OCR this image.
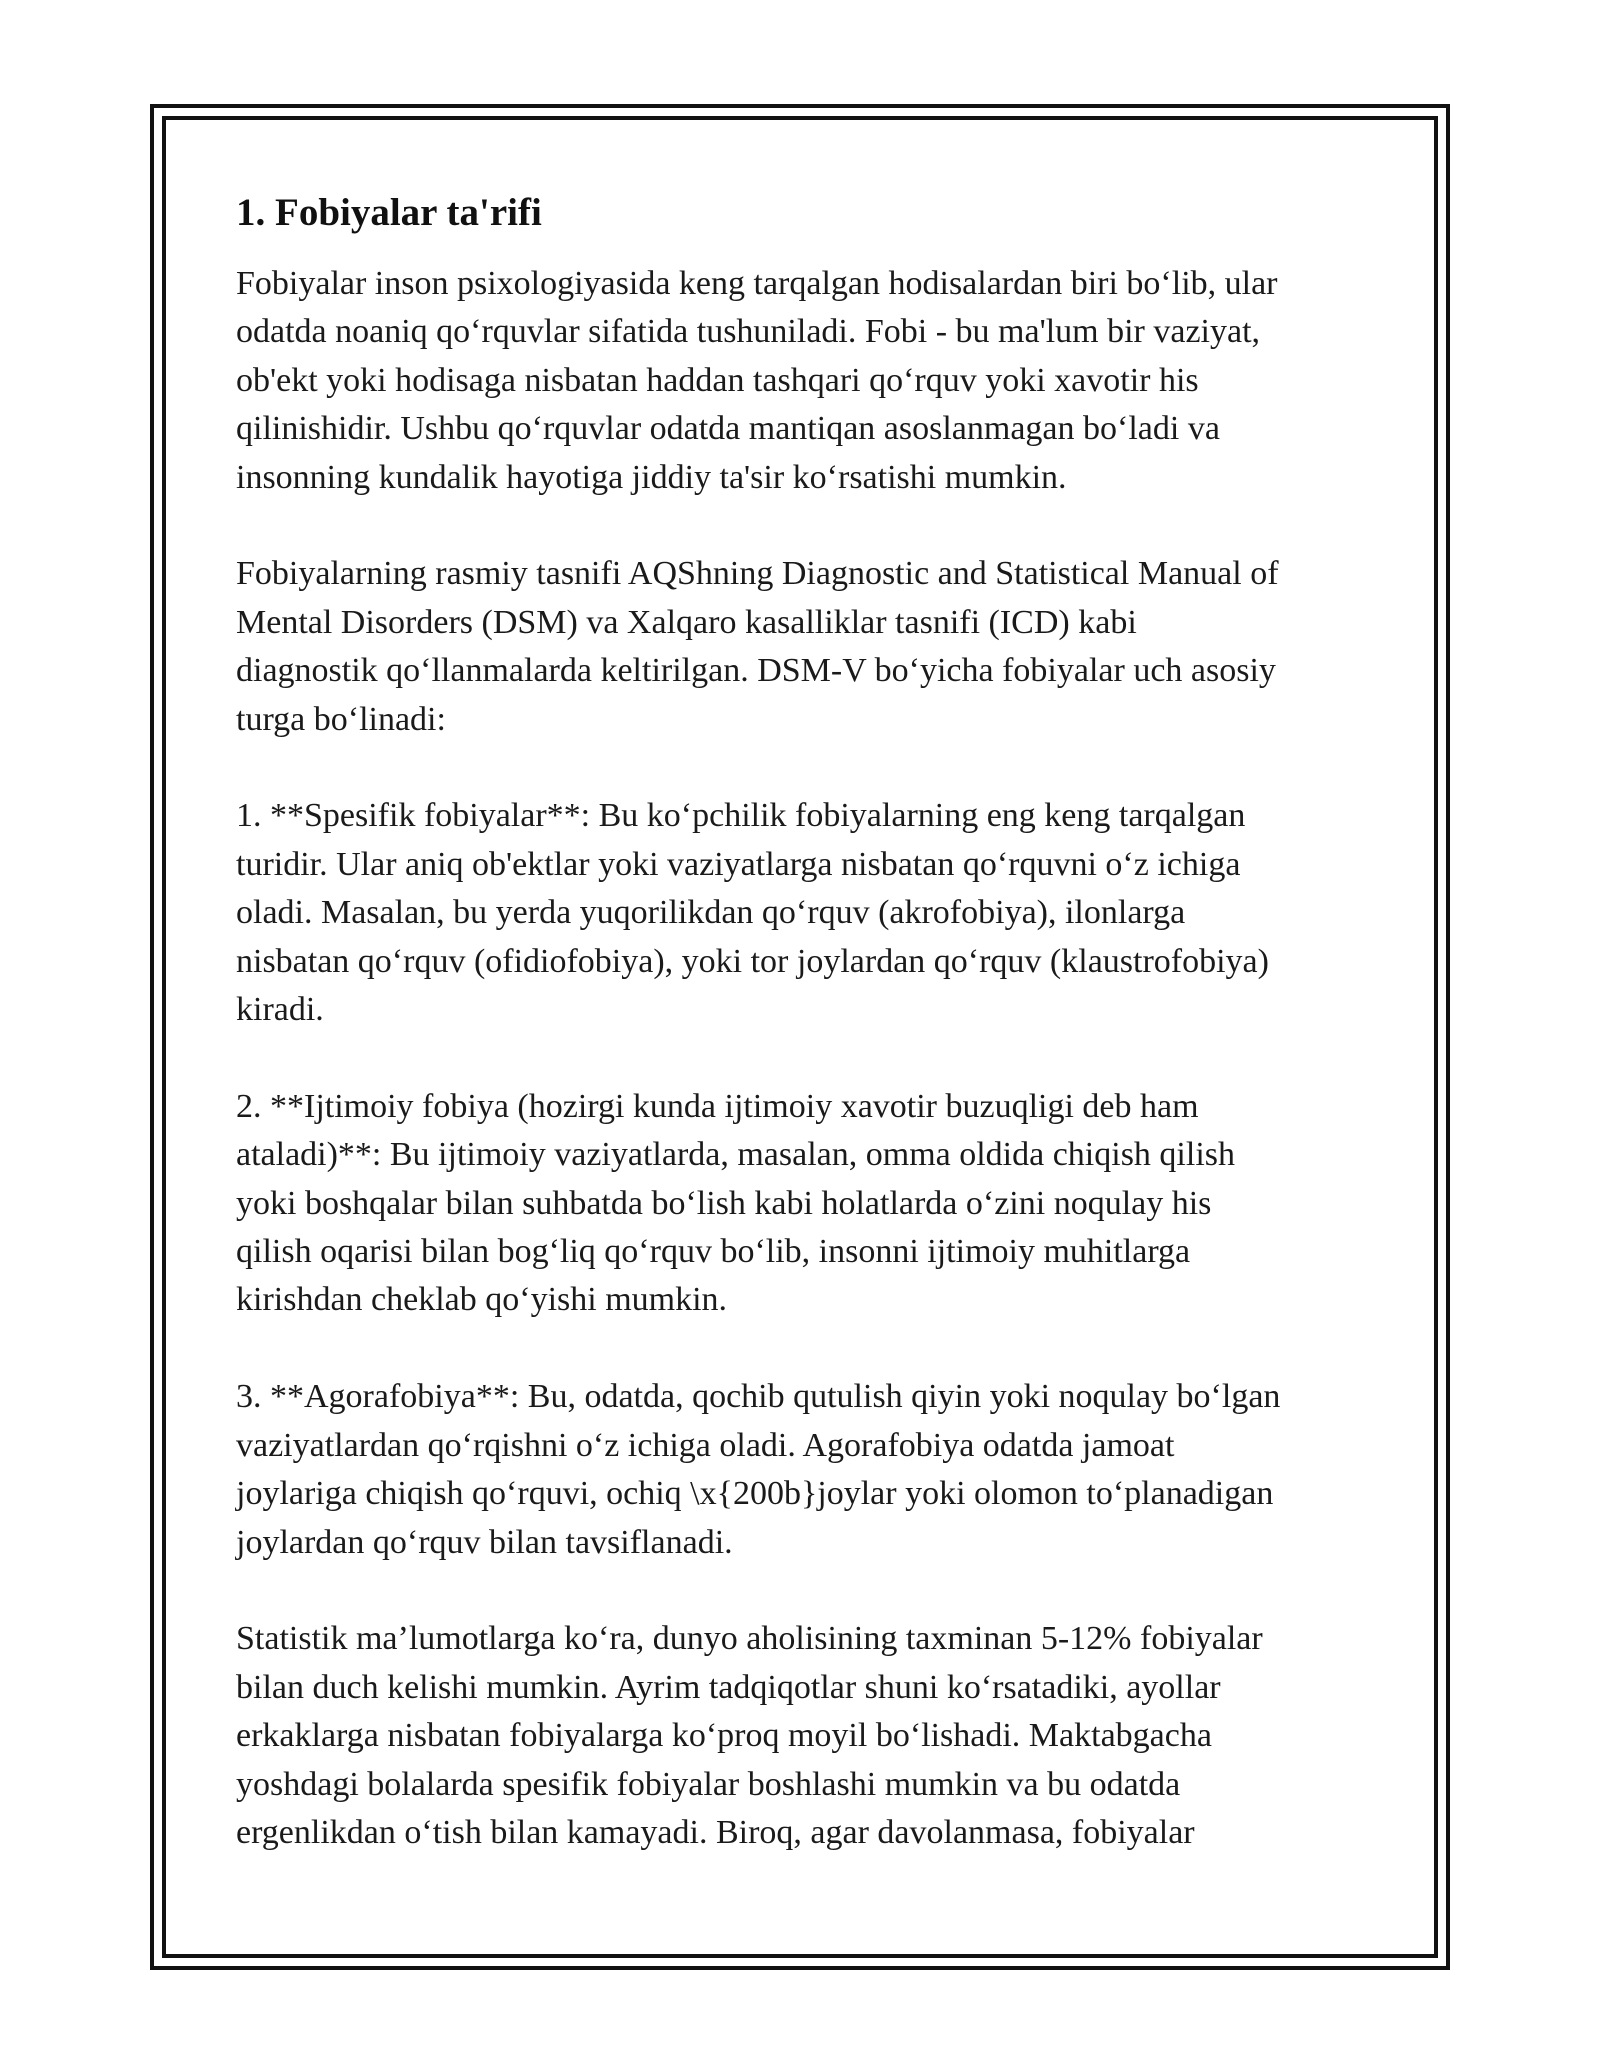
1. Fobiyalar ta'rifi

Fobiyalar inson psixologiyasida keng tarqalgan hodisalardan biri bo‘lib, ular
odatda noaniq qo‘rquvlar sifatida tushuniladi. Fobi - bu ma'lum bir vaziyat,
ob'ekt yoki hodisaga nisbatan haddan tashqari qo‘rquv yoki xavotir his
qilinishidir. Ushbu qo‘rquvlar odatda mantiqan asoslanmagan bo‘ladi va
insonning kundalik hayotiga jiddiy ta'sir ko‘rsatishi mumkin.

Fobiyalarning rasmiy tasnifi AQShning Diagnostic and Statistical Manual of
Mental Disorders (DSM) va Xalqaro kasalliklar tasnifi (ICD) kabi
diagnostik qo‘llanmalarda keltirilgan. DSM-V bo‘yicha fobiyalar uch asosiy
turga bo‘linadi:

1. **Spesifik fobiyalar**: Bu ko‘pchilik fobiyalarning eng keng tarqalgan
turidir. Ular aniq ob'ektlar yoki vaziyatlarga nisbatan qo‘rquvni o‘z ichiga
oladi. Masalan, bu yerda yuqorilikdan qo‘rquv (akrofobiya), ilonlarga
nisbatan qo‘rquv (ofidiofobiya), yoki tor joylardan qo‘rquv (klaustrofobiya)
kiradi.

2. **Ijtimoiy fobiya (hozirgi kunda ijtimoiy xavotir buzuqligi deb ham
ataladi)**: Bu ijtimoiy vaziyatlarda, masalan, omma oldida chiqish qilish
yoki boshqalar bilan suhbatda bo‘lish kabi holatlarda o‘zini noqulay his
qilish oqarisi bilan bog‘liq qo‘rquv bo‘lib, insonni ijtimoiy muhitlarga
kirishdan cheklab qo‘yishi mumkin.

3. **Agorafobiya**: Bu, odatda, qochib qutulish qiyin yoki noqulay bo‘lgan
vaziyatlardan qo‘rqishni o‘z ichiga oladi. Agorafobiya odatda jamoat
joylariga chiqish qo‘rquvi, ochiq \x{200b}joylar yoki olomon to‘planadigan
joylardan qo‘rquv bilan tavsiflanadi.

Statistik ma’lumotlarga ko‘ra, dunyo aholisining taxminan 5-12% fobiyalar
bilan duch kelishi mumkin. Ayrim tadqiqotlar shuni ko‘rsatadiki, ayollar
erkaklarga nisbatan fobiyalarga ko‘proq moyil bo‘lishadi. Maktabgacha
yoshdagi bolalarda spesifik fobiyalar boshlashi mumkin va bu odatda
ergenlikdan o‘tish bilan kamayadi. Biroq, agar davolanmasa, fobiyalar
